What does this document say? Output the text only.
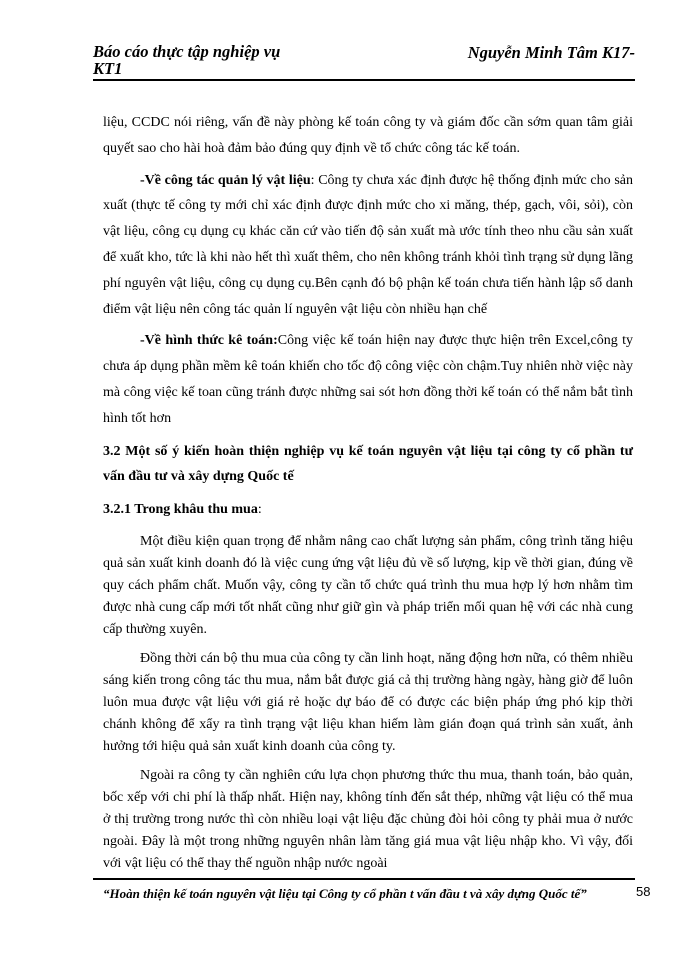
Báo cáo thực tập nghiệp vụ	Nguyễn Minh Tâm K17-
KT1

liệu, CCDC nói riêng, vấn đề này phòng kế toán công ty và giám đốc cần sớm quan tâm giải quyết sao cho hài hoà đảm bảo đúng quy định về tổ chức công tác kế toán.

-Về công tác quản lý vật liệu: Công ty chưa xác định được hệ thống định mức cho sản xuất (thực tế công ty mới chỉ xác định được định mức cho xi măng, thép, gạch, vôi, sỏi), còn vật liệu, công cụ dụng cụ khác căn cứ vào tiến độ sản xuất mà ước tính theo nhu cầu sản xuất để xuất kho, tức là khi nào hết thì xuất thêm, cho nên không tránh khỏi tình trạng sử dụng lãng phí nguyên vật liệu, công cụ dụng cụ.Bên cạnh đó bộ phận kế toán chưa tiến hành lập sổ danh điểm vật liệu nên công tác quản lí nguyên vật liệu còn nhiều hạn chế

-Về hình thức kê toán:Công việc kế toán hiện nay được thực hiện trên Excel,công ty chưa áp dụng phần mềm kê toán khiến cho tốc độ công việc còn chậm.Tuy nhiên nhờ việc này mà công việc kế toan cũng tránh được những sai sót hơn đồng thời kế toán có thể nắm bắt tình hình tốt hơn

3.2 Một số ý kiến hoàn thiện nghiệp vụ kế toán nguyên vật liệu tại công ty cổ phần tư vấn đầu tư và xây dựng Quốc tế

3.2.1 Trong khâu thu mua:

Một điều kiện quan trọng để nhằm nâng cao chất lượng sản phẩm, công trình tăng hiệu quả sản xuất kinh doanh đó là việc cung ứng vật liệu đủ về số lượng, kịp về thời gian, đúng về quy cách phẩm chất. Muốn vậy, công ty cần tổ chức quá trình thu mua hợp lý hơn nhằm tìm được nhà cung cấp mới tốt nhất cũng như giữ gìn và pháp triển mối quan hệ với các nhà cung cấp thường xuyên.

Đồng thời cán bộ thu mua của công ty cần linh hoạt, năng động hơn nữa, có thêm nhiều sáng kiến trong công tác thu mua, nắm bắt được giá cả thị trường hàng ngày, hàng giờ để luôn luôn mua được vật liệu với giá rẻ hoặc dự báo để có được các biện pháp ứng phó kịp thời chánh không để xẩy ra tình trạng vật liệu khan hiếm làm gián đoạn quá trình sản xuất, ảnh hưởng tới hiệu quả sản xuất kinh doanh của công ty.

Ngoài ra công ty cần nghiên cứu lựa chọn phương thức thu mua, thanh toán, bảo quản, bốc xếp với chi phí là thấp nhất. Hiện nay, không tính đến sắt thép, những vật liệu có thể mua ở thị trường trong nước thì còn nhiều loại vật liệu đặc chủng đòi hỏi công ty phải mua ở nước ngoài. Đây là một trong những nguyên nhân làm tăng giá mua vật liệu nhập kho. Vì vậy, đối với vật liệu có thể thay thế nguồn nhập nước ngoài

“Hoàn thiện kế toán nguyên vật liệu tại Công ty cổ phần t vấn đầu t và xây dựng Quốc tế”	58
